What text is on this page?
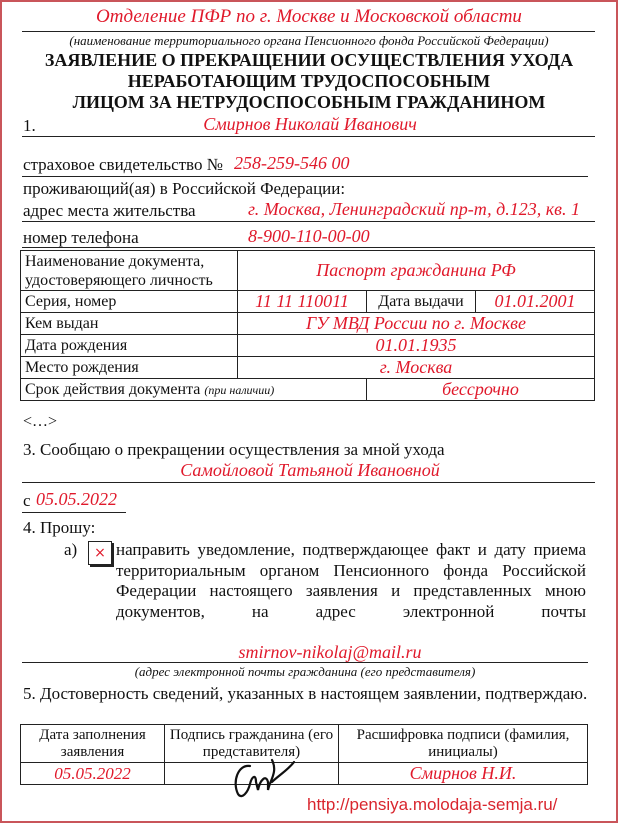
Отделение ПФР по г. Москве и Московской области
(наименование территориального органа Пенсионного фонда Российской Федерации)
ЗАЯВЛЕНИЕ О ПРЕКРАЩЕНИИ ОСУЩЕСТВЛЕНИЯ УХОДА
НЕРАБОТАЮЩИМ ТРУДОСПОСОБНЫМ
ЛИЦОМ ЗА НЕТРУДОСПОСОБНЫМ ГРАЖДАНИНОМ
1.	Смирнов Николай Иванович
страховое свидетельство № 258-259-546 00
проживающий(ая) в Российской Федерации:
адрес места жительства	г. Москва, Ленинградский пр-т, д.123, кв. 1
номер телефона	8-900-110-00-00
Наименование документа, удостоверяющего личность	Паспорт гражданина РФ		
Серия, номер	11 11 110011	Дата выдачи	01.01.2001
Кем выдан	ГУ МВД России по г. Москве		
Дата рождения	01.01.1935		
Место рождения	г. Москва		
Срок действия документа (при наличии)		бессрочно	
<…>
3. Сообщаю о прекращении осуществления за мной ухода
Самойловой Татьяной Ивановной
с 05.05.2022
4. Прошу:
а)	× направить уведомление, подтверждающее факт и дату приема территориальным органом Пенсионного фонда Российской Федерации настоящего заявления и представленных мною документов, на адрес электронной почты
smirnov-nikolaj@mail.ru
(адрес электронной почты гражданина (его представителя)
5. Достоверность сведений, указанных в настоящем заявлении, подтверждаю.
Дата заполнения заявления	Подпись гражданина (его представителя)	Расшифровка подписи (фамилия, инициалы)
05.05.2022		Смирнов Н.И.
http://pensiya.molodaja-semja.ru/
